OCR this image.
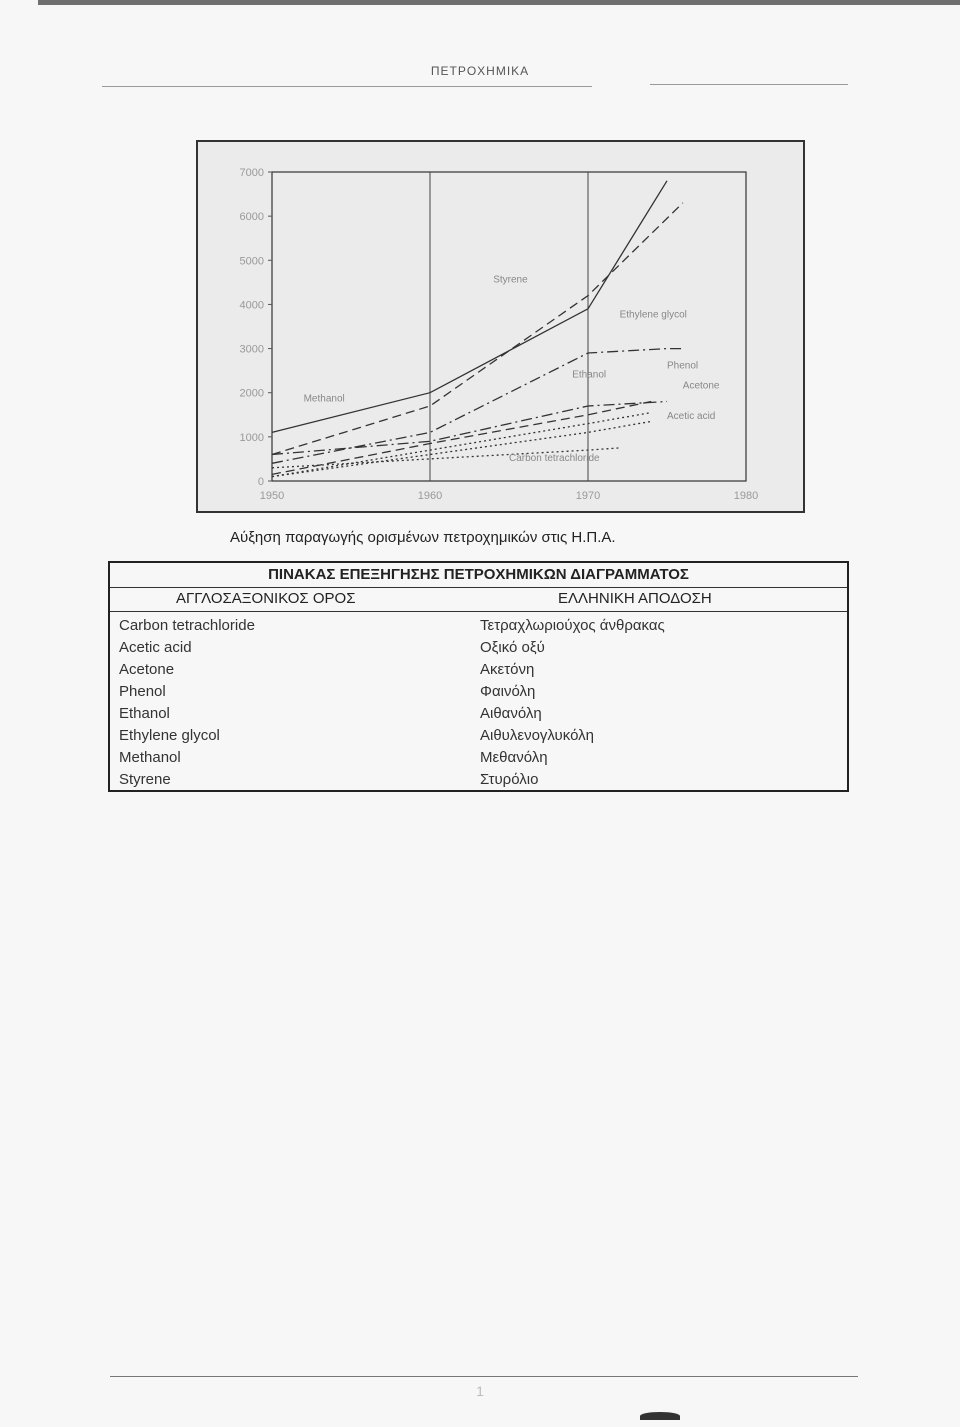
ΠΕΤΡΟΧΗΜΙΚΑ
0
1000
2000
3000
4000
5000
6000
7000
1950	1960	1970	1980
Methanol
Styrene
Ethylene glycol
Ethanol
Phenol
Acetone
Acetic acid
Carbon tetrachloride
Αύξηση παραγωγής ορισμένων πετροχημικών στις Η.Π.Α.
ΠΙΝΑΚΑΣ ΕΠΕΞΗΓΗΣΗΣ ΠΕΤΡΟΧΗΜΙΚΩΝ ΔΙΑΓΡΑΜΜΑΤΟΣ
ΑΓΓΛΟΣΑΞΟΝΙΚΟΣ ΟΡΟΣ	ΕΛΛΗΝΙΚΗ ΑΠΟΔΟΣΗ
Carbon tetrachloride	Τετραχλωριούχος άνθρακας
Acetic acid	Οξικό οξύ
Acetone	Ακετόνη
Phenol	Φαινόλη
Ethanol	Αιθανόλη
Ethylene glycol	Αιθυλενογλυκόλη
Methanol	Μεθανόλη
Styrene	Στυρόλιο
1
